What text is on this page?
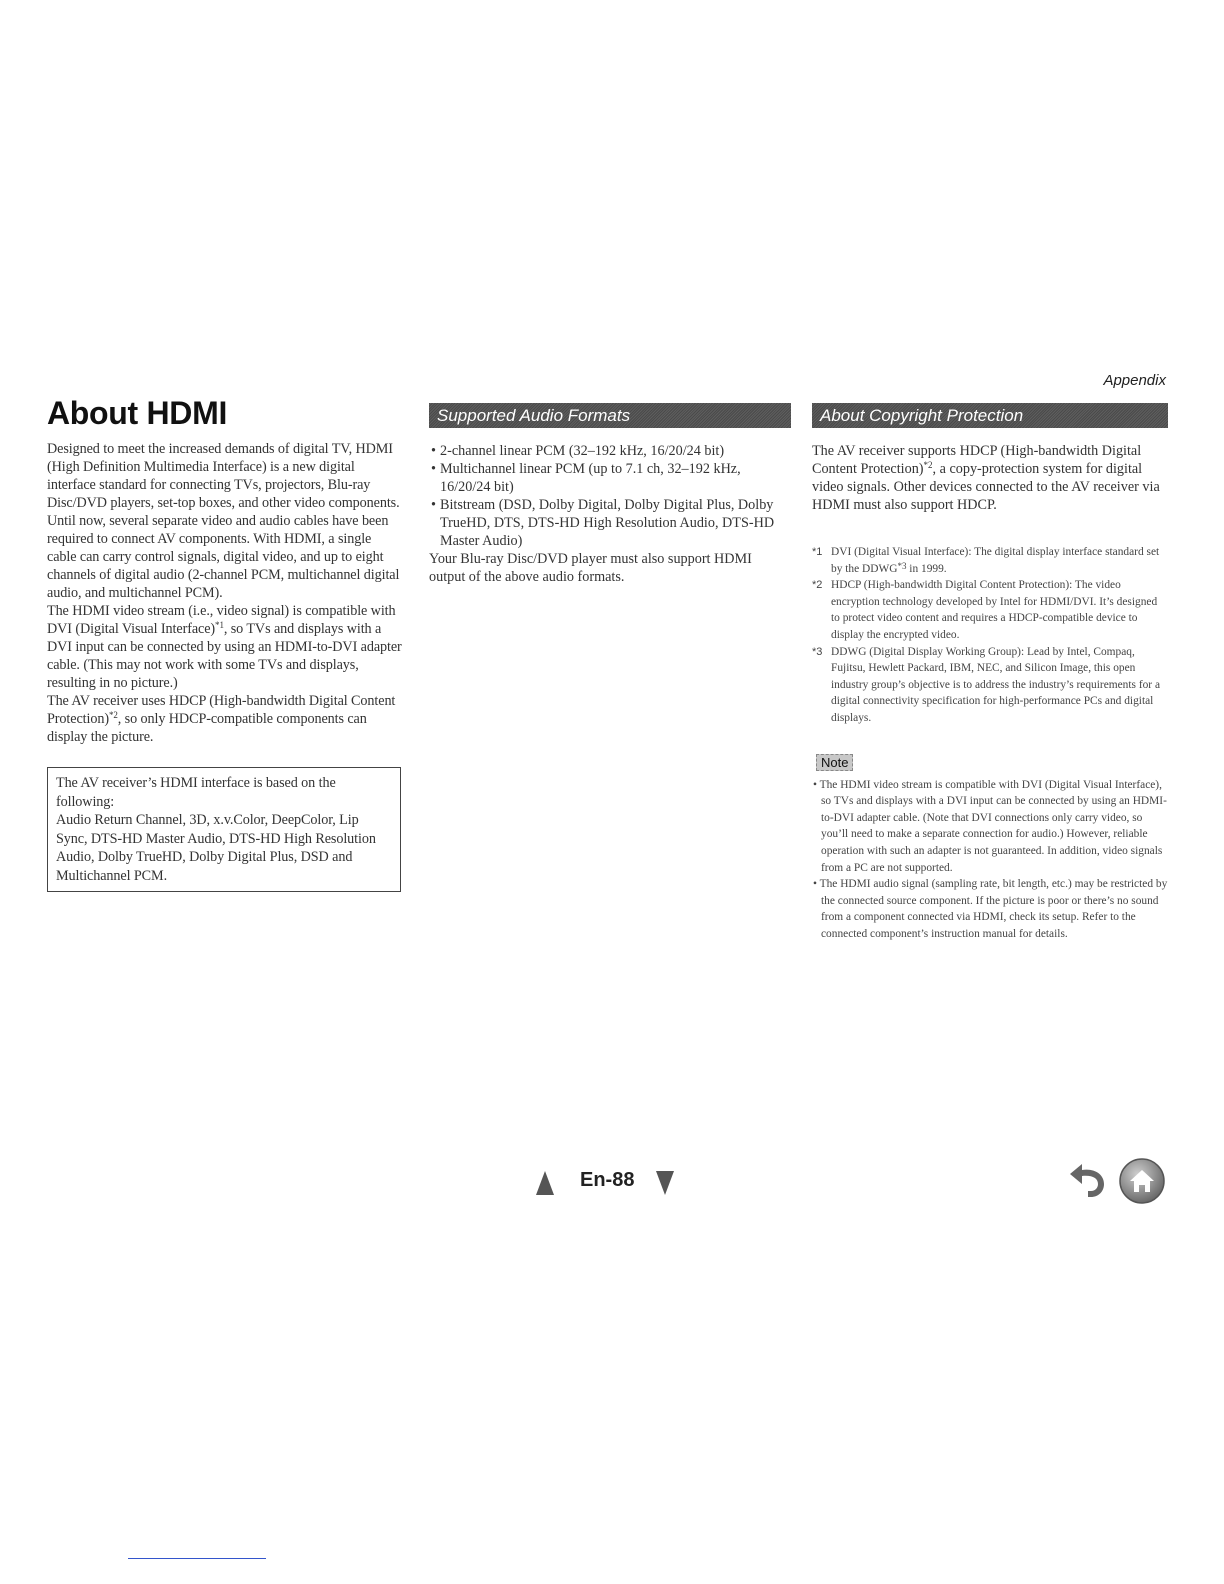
Appendix
About HDMI

Designed to meet the increased demands of digital TV, HDMI (High Definition Multimedia Interface) is a new digital interface standard for connecting TVs, projectors, Blu-ray Disc/DVD players, set-top boxes, and other video components. Until now, several separate video and audio cables have been required to connect AV components. With HDMI, a single cable can carry control signals, digital video, and up to eight channels of digital audio (2-channel PCM, multichannel digital audio, and multichannel PCM).

The HDMI video stream (i.e., video signal) is compatible with DVI (Digital Visual Interface)$^{*1}$, so TVs and displays with a DVI input can be connected by using an HDMI-to-DVI adapter cable. (This may not work with some TVs and displays, resulting in no picture.)

The AV receiver uses HDCP (High-bandwidth Digital Content Protection)$^{*2}$, so only HDCP-compatible components can display the picture.

The AV receiver’s HDMI interface is based on the following:

Audio Return Channel, 3D, x.v.Color, DeepColor, Lip Sync, DTS-HD Master Audio, DTS-HD High Resolution Audio, Dolby TrueHD, Dolby Digital Plus, DSD and Multichannel PCM.

Supported Audio Formats
• 2-channel linear PCM (32–192 kHz, 16/20/24 bit)
• Multichannel linear PCM (up to 7.1 ch, 32–192 kHz, 16/20/24 bit)
• Bitstream (DSD, Dolby Digital, Dolby Digital Plus, Dolby TrueHD, DTS, DTS-HD High Resolution Audio, DTS-HD Master Audio)

Your Blu-ray Disc/DVD player must also support HDMI output of the above audio formats.

About Copyright Protection

The AV receiver supports HDCP (High-bandwidth Digital Content Protection)$^{*2}$, a copy-protection system for digital video signals. Other devices connected to the AV receiver via HDMI must also support HDCP.

*1 DVI (Digital Visual Interface): The digital display interface standard set by the DDWG$^{*3}$ in 1999.
*2 HDCP (High-bandwidth Digital Content Protection): The video encryption technology developed by Intel for HDMI/DVI. It’s designed to protect video content and requires a HDCP-compatible device to display the encrypted video.
*3 DDWG (Digital Display Working Group): Lead by Intel, Compaq, Fujitsu, Hewlett Packard, IBM, NEC, and Silicon Image, this open industry group’s objective is to address the industry’s requirements for a digital connectivity specification for high-performance PCs and digital displays.
Note
• The HDMI video stream is compatible with DVI (Digital Visual Interface), so TVs and displays with a DVI input can be connected by using an HDMI-to-DVI adapter cable. (Note that DVI connections only carry video, so you’ll need to make a separate connection for audio.) However, reliable operation with such an adapter is not guaranteed. In addition, video signals from a PC are not supported.
• The HDMI audio signal (sampling rate, bit length, etc.) may be restricted by the connected source component. If the picture is poor or there’s no sound from a component connected via HDMI, check its setup. Refer to the connected component’s instruction manual for details.
En-88
